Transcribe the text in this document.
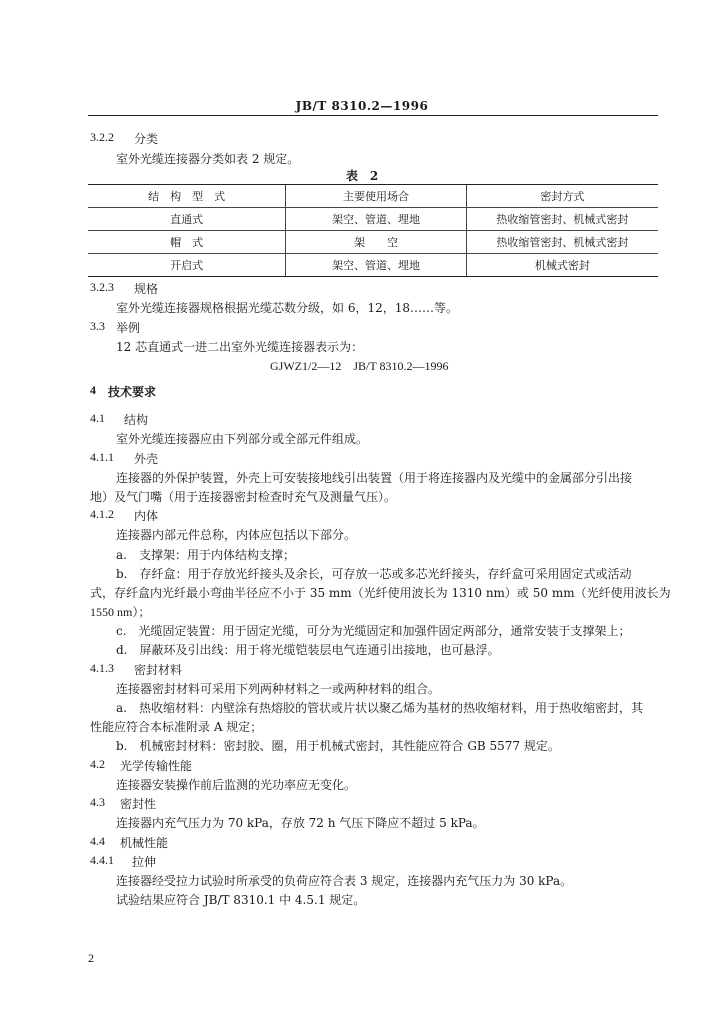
JB/T 8310.2—1996
3.2.2 分类
室外光缆连接器分类如表 2 规定。
表　2
结　构　型　式	主要使用场合	密封方式
直通式	架空、管道、埋地	热收缩管密封、机械式密封
帽　式	架　　空	热收缩管密封、机械式密封
开启式	架空、管道、埋地	机械式密封
3.2.3 规格
室外光缆连接器规格根据光缆芯数分级，如 6，12，18……等。
3.3 举例
12 芯直通式一进二出室外光缆连接器表示为：
GJWZ1/2—12　JB/T 8310.2—1996
4 技术要求
4.1 结构
室外光缆连接器应由下列部分或全部元件组成。
4.1.1 外壳
连接器的外保护装置，外壳上可安装接地线引出装置（用于将连接器内及光缆中的金属部分引出接
地）及气门嘴（用于连接器密封检查时充气及测量气压）。
4.1.2 内体
连接器内部元件总称，内体应包括以下部分。
a.　支撑架：用于内体结构支撑；
b.　存纤盒：用于存放光纤接头及余长，可存放一芯或多芯光纤接头，存纤盒可采用固定式或活动
式，存纤盒内光纤最小弯曲半径应不小于 35 mm（光纤使用波长为 1310 nm）或 50 mm（光纤使用波长为
1550 nm）；
c.　光缆固定装置：用于固定光缆，可分为光缆固定和加强件固定两部分，通常安装于支撑架上；
d.　屏蔽环及引出线：用于将光缆铠装层电气连通引出接地，也可悬浮。
4.1.3 密封材料
连接器密封材料可采用下列两种材料之一或两种材料的组合。
a.　热收缩材料：内壁涂有热熔胶的管状或片状以聚乙烯为基材的热收缩材料，用于热收缩密封，其
性能应符合本标准附录 A 规定；
b.　机械密封材料：密封胶、圈，用于机械式密封，其性能应符合 GB 5577 规定。
4.2 光学传输性能
连接器安装操作前后监测的光功率应无变化。
4.3 密封性
连接器内充气压力为 70 kPa，存放 72 h 气压下降应不超过 5 kPa。
4.4 机械性能
4.4.1 拉伸
连接器经受拉力试验时所承受的负荷应符合表 3 规定，连接器内充气压力为 30 kPa。
试验结果应符合 JB/T 8310.1 中 4.5.1 规定。
2
